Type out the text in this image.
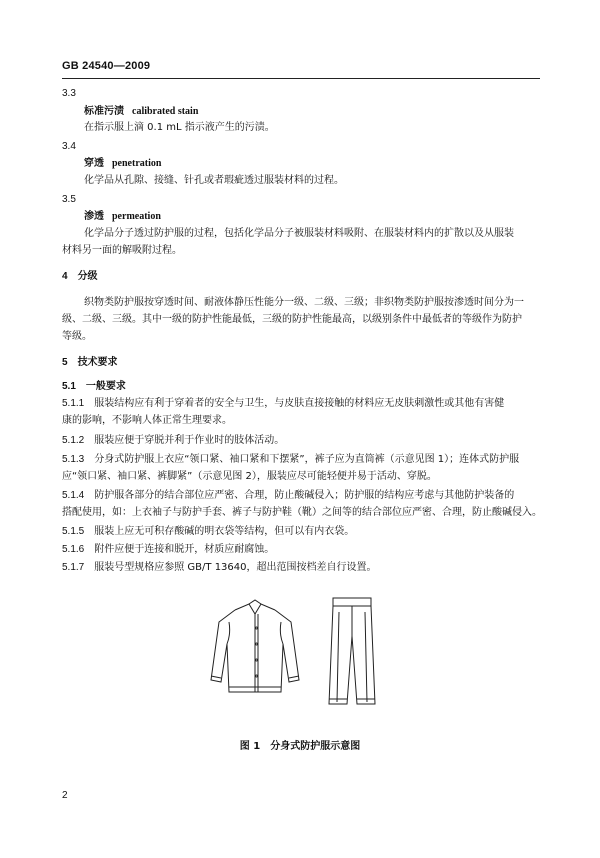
GB 24540—2009
3.3
标准污渍 calibrated stain
在指示服上滴 0.1 mL 指示液产生的污渍。
3.4
穿透 penetration
化学品从孔隙、接缝、针孔或者瑕疵透过服装材料的过程。
3.5
渗透 permeation
化学品分子透过防护服的过程，包括化学品分子被服装材料吸附、在服装材料内的扩散以及从服装
材料另一面的解吸附过程。
4 分级
织物类防护服按穿透时间、耐液体静压性能分一级、二级、三级；非织物类防护服按渗透时间分为一
级、二级、三级。其中一级的防护性能最低，三级的防护性能最高，以级别条件中最低者的等级作为防护
等级。
5 技术要求
5.1 一般要求
5.1.1 服装结构应有利于穿着者的安全与卫生，与皮肤直接接触的材料应无皮肤刺激性或其他有害健
康的影响，不影响人体正常生理要求。
5.1.2 服装应便于穿脱并利于作业时的肢体活动。
5.1.3 分身式防护服上衣应“领口紧、袖口紧和下摆紧”，裤子应为直筒裤（示意见图 1）；连体式防护服
应“领口紧、袖口紧、裤脚紧”（示意见图 2），服装应尽可能轻便并易于活动、穿脱。
5.1.4 防护服各部分的结合部位应严密、合理，防止酸碱侵入；防护服的结构应考虑与其他防护装备的
搭配使用，如：上衣袖子与防护手套、裤子与防护鞋（靴）之间等的结合部位应严密、合理，防止酸碱侵入。
5.1.5 服装上应无可积存酸碱的明衣袋等结构，但可以有内衣袋。
5.1.6 附件应便于连接和脱开，材质应耐腐蚀。
5.1.7 服装号型规格应参照 GB/T 13640，超出范围按档差自行设置。
图 1　分身式防护服示意图
2
